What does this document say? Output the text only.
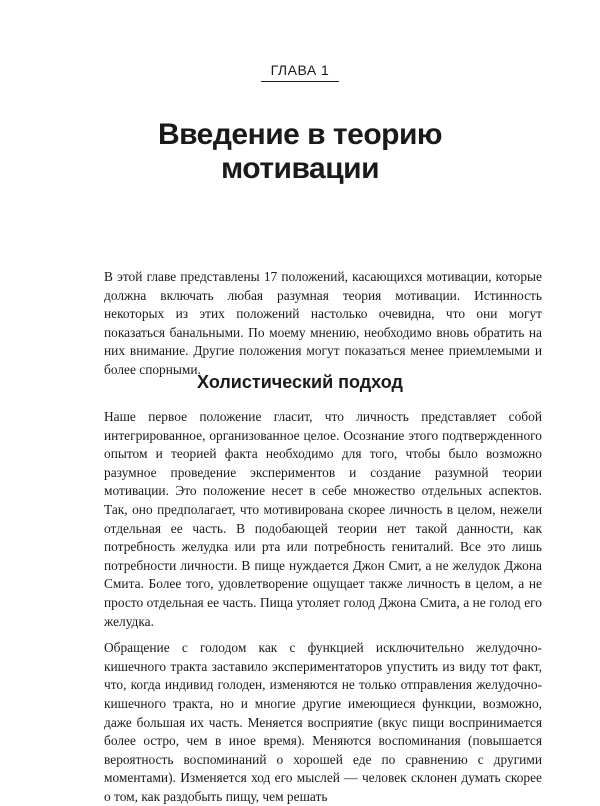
ГЛАВА 1
Введение в теорию
мотивации

В этой главе представлены 17 положений, касающихся мотивации, которые должна включать любая разумная теория мотивации. Истинность некоторых из этих положений настолько очевидна, что они могут показаться банальными. По моему мнению, необходимо вновь обратить на них внимание. Другие положения могут показаться менее приемлемыми и более спорными.

Холистический подход

Наше первое положение гласит, что личность представляет собой интегрированное, организованное целое. Осознание этого подтвержденного опытом и теорией факта необходимо для того, чтобы было возможно разумное проведение экспериментов и создание разумной теории мотивации. Это положение несет в себе множество отдельных аспектов. Так, оно предполагает, что мотивирована скорее личность в целом, нежели отдельная ее часть. В подобающей теории нет такой данности, как потребность желудка или рта или потребность гениталий. Все это лишь потребности личности. В пище нуждается Джон Смит, а не желудок Джона Смита. Более того, удовлетворение ощущает также личность в целом, а не просто отдельная ее часть. Пища утоляет голод Джона Смита, а не голод его желудка.

Обращение с голодом как с функцией исключительно желудочно-кишечного тракта заставило экспериментаторов упустить из виду тот факт, что, когда индивид голоден, изменяются не только отправления желудочно-кишечного тракта, но и многие другие имеющиеся функции, возможно, даже большая их часть. Меняется восприятие (вкус пищи воспринимается более остро, чем в иное время). Меняются воспоминания (повышается вероятность воспоминаний о хорошей еде по сравнению с другими моментами). Изменяется ход его мыслей — человек склонен думать скорее о том, как раздобыть пищу, чем решать
